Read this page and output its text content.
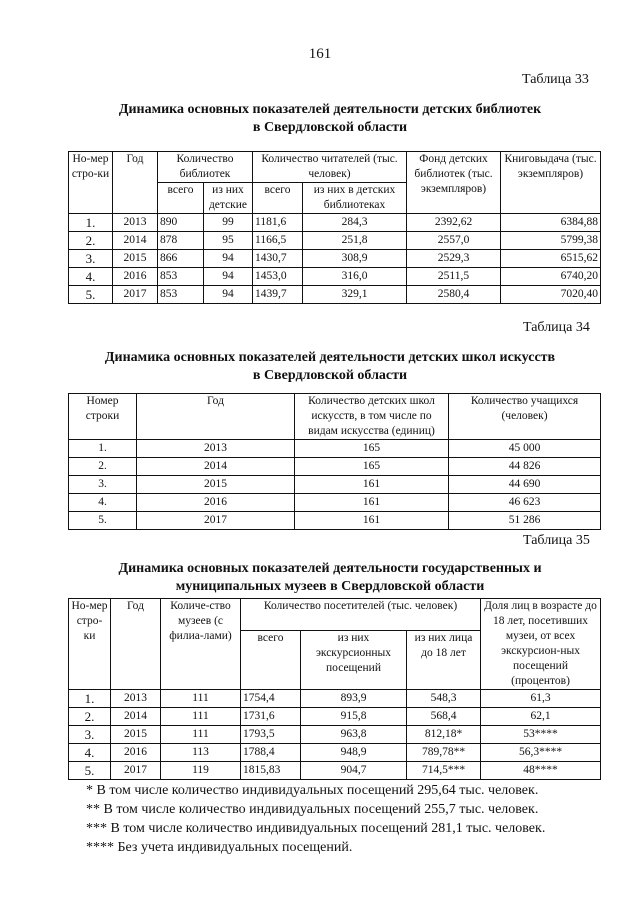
161
Таблица 33
Динамика основных показателей деятельности детских библиотек
в Свердловской области
Но-мер стро-ки	Год	Количество библиотек		Количество читателей (тыс. человек)		Фонд детских библиотек (тыс. экземпляров)	Книговыдача (тыс. экземпляров)
		всего	из них детские	всего	из них в детских библиотеках		
1.	2013	890	99	1181,6	284,3	2392,62	6384,88
2.	2014	878	95	1166,5	251,8	2557,0	5799,38
3.	2015	866	94	1430,7	308,9	2529,3	6515,62
4.	2016	853	94	1453,0	316,0	2511,5	6740,20
5.	2017	853	94	1439,7	329,1	2580,4	7020,40
Таблица 34
Динамика основных показателей деятельности детских школ искусств
в Свердловской области
Номер строки	Год	Количество детских школ искусств, в том числе по видам искусства (единиц)	Количество учащихся (человек)
1.	2013	165	45 000
2.	2014	165	44 826
3.	2015	161	44 690
4.	2016	161	46 623
5.	2017	161	51 286
Таблица 35
Динамика основных показателей деятельности государственных и
муниципальных музеев в Свердловской области
Но-мер стро-ки	Год	Количе-ство музеев (с филиа-лами)	Количество посетителей (тыс. человек)			Доля лиц в возрасте до 18 лет, посетивших музеи, от всех экскурсион-ных посещений (процентов)
			всего	из них экскурсионных посещений	из них лица до 18 лет	
1.	2013	111	1754,4	893,9	548,3	61,3
2.	2014	111	1731,6	915,8	568,4	62,1
3.	2015	111	1793,5	963,8	812,18*	53****
4.	2016	113	1788,4	948,9	789,78**	56,3****
5.	2017	119	1815,83	904,7	714,5***	48****
* В том числе количество индивидуальных посещений 295,64 тыс. человек.
** В том числе количество индивидуальных посещений 255,7 тыс. человек.
*** В том числе количество индивидуальных посещений 281,1 тыс. человек.
**** Без учета индивидуальных посещений.
